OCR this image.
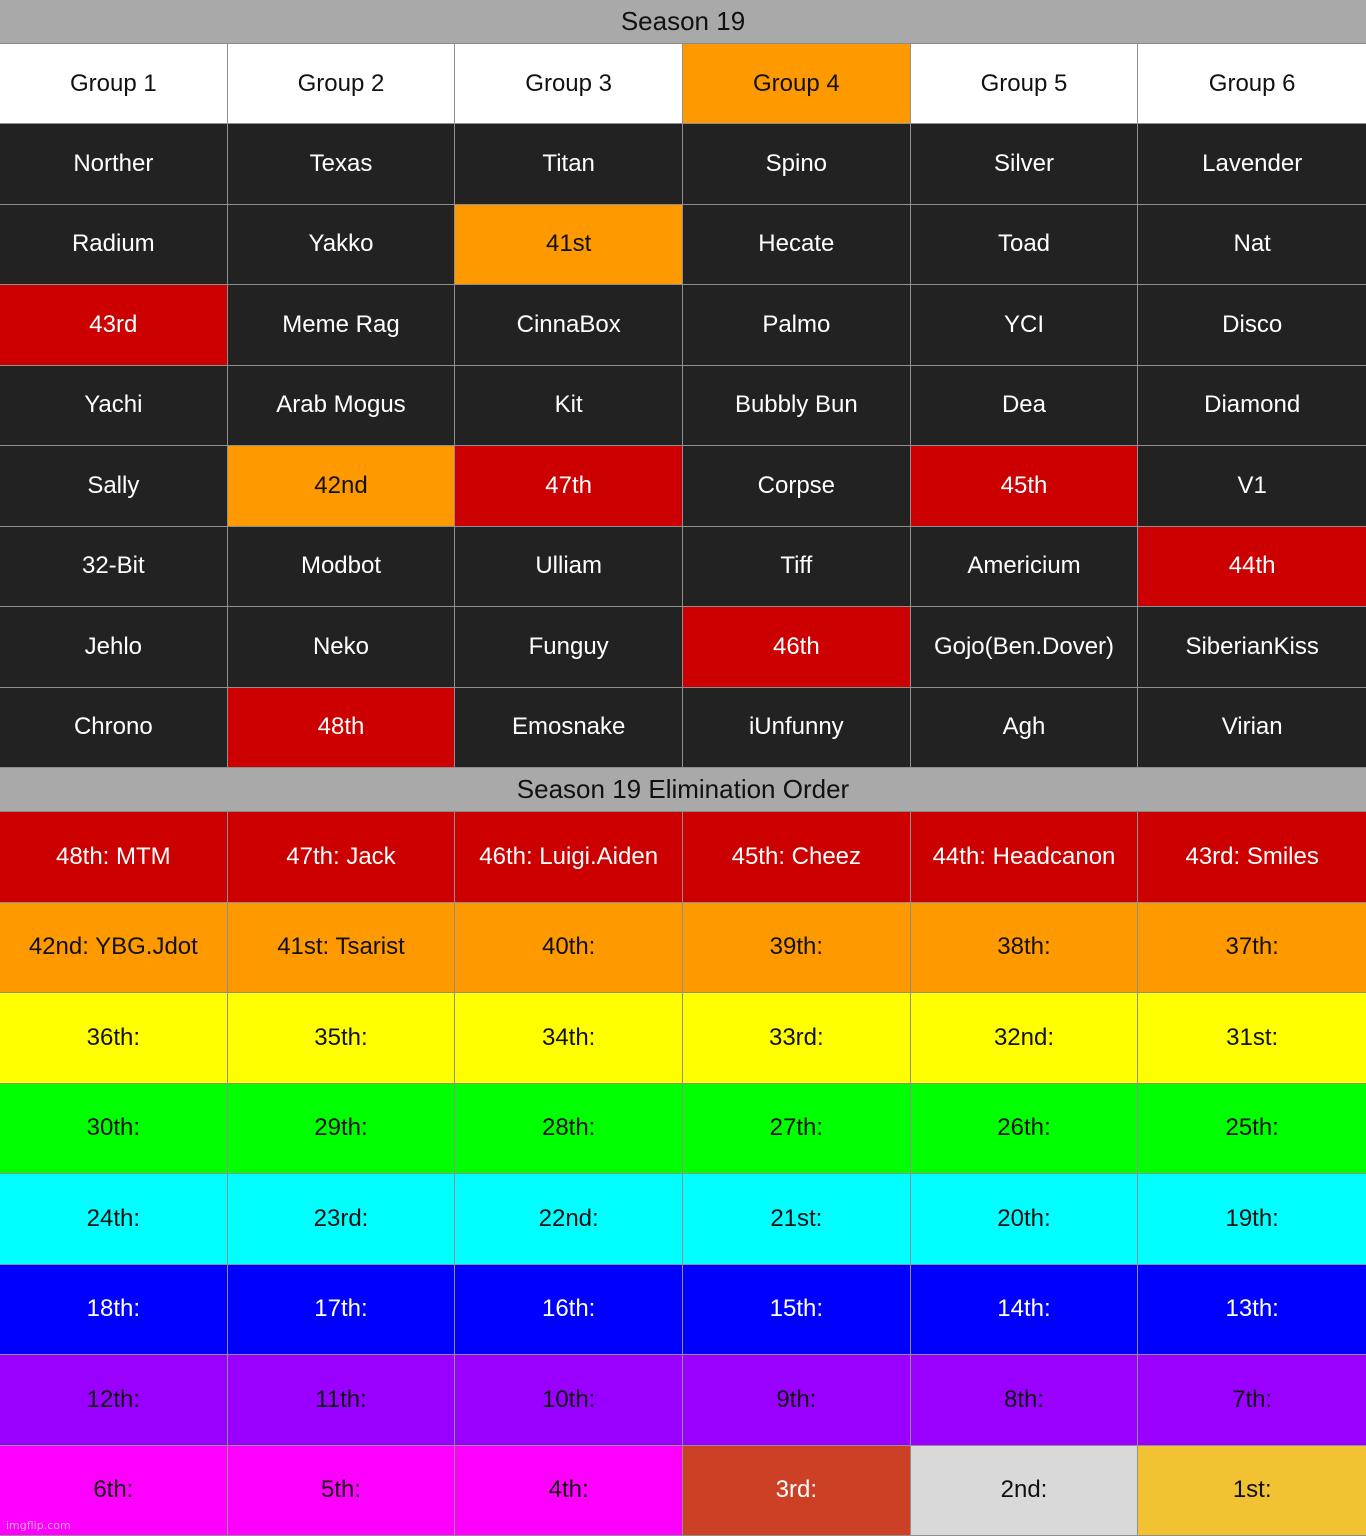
Season 19
Group 1	Group 2	Group 3	Group 4	Group 5	Group 6
Norther	Texas	Titan	Spino	Silver	Lavender
Radium	Yakko	41st	Hecate	Toad	Nat
43rd	Meme Rag	CinnaBox	Palmo	YCI	Disco
Yachi	Arab Mogus	Kit	Bubbly Bun	Dea	Diamond
Sally	42nd	47th	Corpse	45th	V1
32-Bit	Modbot	Ulliam	Tiff	Americium	44th
Jehlo	Neko	Funguy	46th	Gojo(Ben.Dover)	SiberianKiss
Chrono	48th	Emosnake	iUnfunny	Agh	Virian
Season 19 Elimination Order
48th: MTM	47th: Jack	46th: Luigi.Aiden	45th: Cheez	44th: Headcanon	43rd: Smiles
42nd: YBG.Jdot	41st: Tsarist	40th:	39th:	38th:	37th:
36th:	35th:	34th:	33rd:	32nd:	31st:
30th:	29th:	28th:	27th:	26th:	25th:
24th:	23rd:	22nd:	21st:	20th:	19th:
18th:	17th:	16th:	15th:	14th:	13th:
12th:	11th:	10th:	9th:	8th:	7th:
6th:	5th:	4th:	3rd:	2nd:	1st:
imgflip.com
